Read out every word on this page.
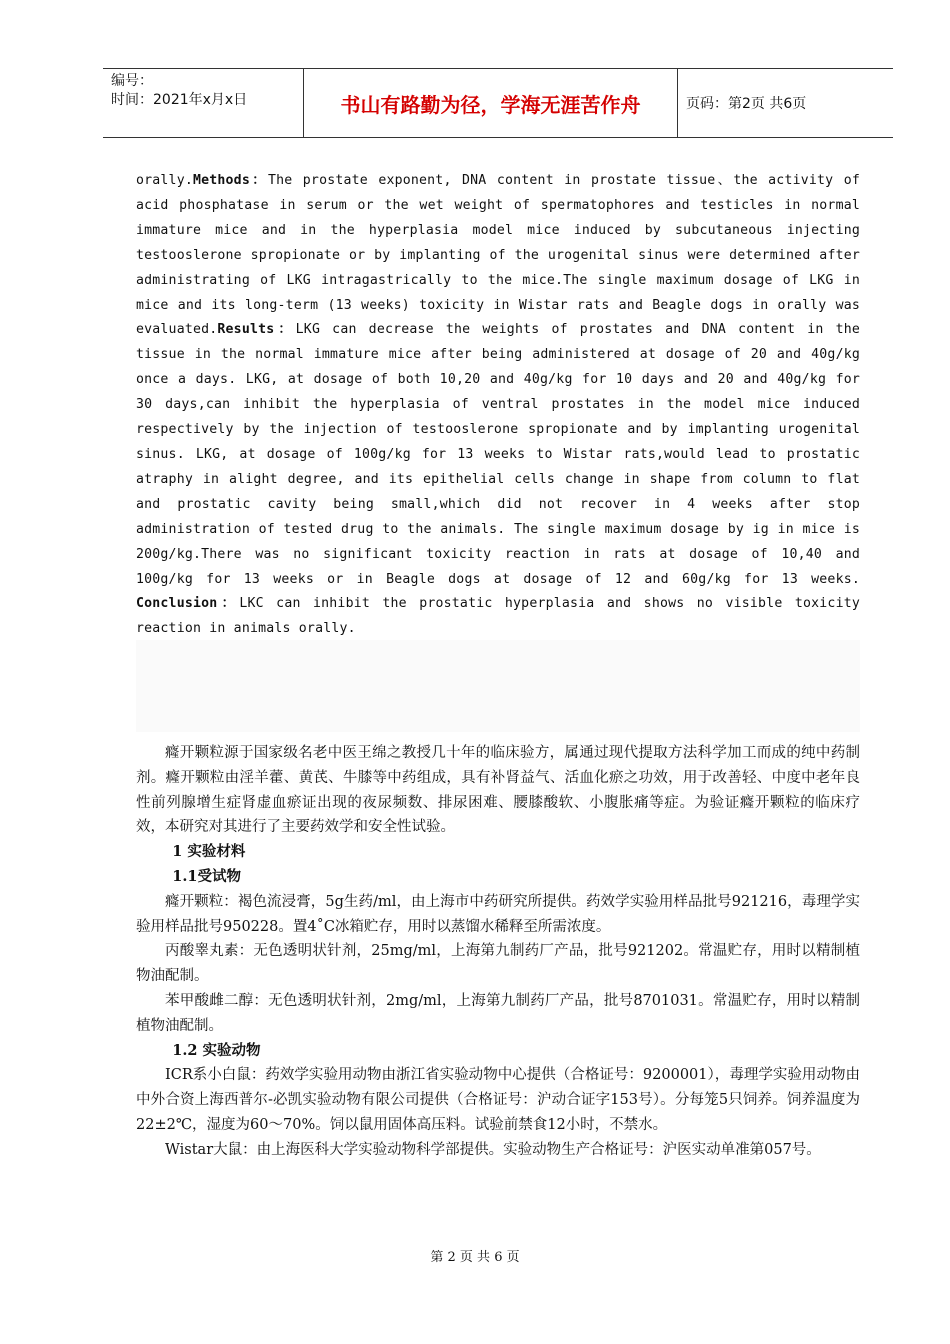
编号：
时间：2021年x月x日	书山有路勤为径，学海无涯苦作舟	页码：第2页 共6页
orally.Methods：The prostate exponent, DNA content in prostate tissue、the activity of acid phosphatase in serum or the wet weight of spermatophores and testicles in normal immature mice and in the hyperplasia model mice induced by subcutaneous injecting testooslerone spropionate or by implanting of the urogenital sinus were determined after administrating of LKG intragastrically to the mice.The single maximum dosage of LKG in mice and its long-term (13 weeks) toxicity in Wistar rats and Beagle dogs in orally was evaluated.Results：LKG can decrease the weights of prostates and DNA content in the tissue in the normal immature mice after being administered at dosage of 20 and 40g/kg once a days. LKG, at dosage of both 10,20 and 40g/kg for 10 days and 20 and 40g/kg for 30 days,can inhibit the hyperplasia of ventral prostates in the model mice induced respectively by the injection of testooslerone spropionate and by implanting urogenital sinus. LKG, at dosage of 100g/kg for 13 weeks to Wistar rats,would lead to prostatic atraphy in alight degree, and its epithelial cells change in shape from column to flat and prostatic cavity being small,which did not recover in 4 weeks after stop administration of tested drug to the animals. The single maximum dosage by ig in mice is 200g/kg.There was no significant toxicity reaction in rats at dosage of 10,40 and 100g/kg for 13 weeks or in Beagle dogs at dosage of 12 and 60g/kg for 13 weeks. Conclusion：LKC can inhibit the prostatic hyperplasia and shows no visible toxicity reaction in animals orally.

癃开颗粒源于国家级名老中医王绵之教授几十年的临床验方，属通过现代提取方法科学加工而成的纯中药制剂。癃开颗粒由淫羊藿、黄芪、牛膝等中药组成，具有补肾益气、活血化瘀之功效，用于改善轻、中度中老年良性前列腺增生症肾虚血瘀证出现的夜尿频数、排尿困难、腰膝酸软、小腹胀痛等症。为验证癃开颗粒的临床疗效，本研究对其进行了主要药效学和安全性试验。

1 实验材料

1.1受试物

癃开颗粒：褐色流浸膏，5g生药/ml，由上海市中药研究所提供。药效学实验用样品批号921216，毒理学实验用样品批号950228。置4˚C冰箱贮存，用时以蒸馏水稀释至所需浓度。

丙酸睾丸素：无色透明状针剂，25mg/ml，上海第九制药厂产品，批号921202。常温贮存，用时以精制植物油配制。

苯甲酸雌二醇：无色透明状针剂，2mg/ml，上海第九制药厂产品，批号8701031。常温贮存，用时以精制植物油配制。

1.2 实验动物

ICR系小白鼠：药效学实验用动物由浙江省实验动物中心提供（合格证号：9200001），毒理学实验用动物由中外合资上海西普尔-必凯实验动物有限公司提供（合格证号：沪动合证字153号）。分每笼5只饲养。饲养温度为22±2℃，湿度为60～70%。饲以鼠用固体高压料。试验前禁食12小时，不禁水。

Wistar大鼠：由上海医科大学实验动物科学部提供。实验动物生产合格证号：沪医实动单准第057号。

第 2 页 共 6 页
